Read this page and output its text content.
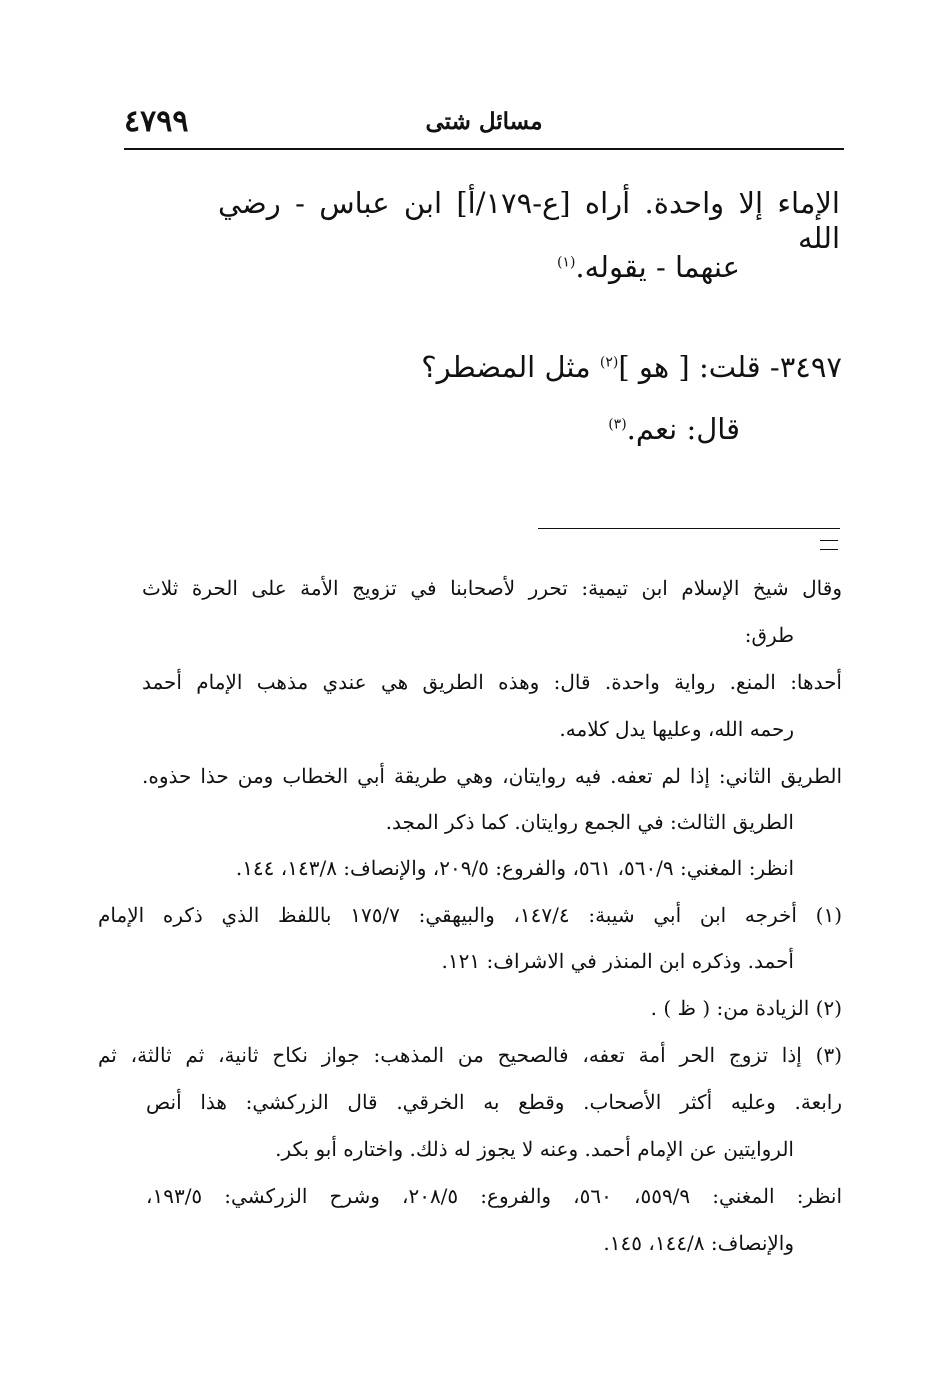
٤٧٩٩	مسائل شتى
الإماء إلا واحدة. أراه [ع-١٧٩/أ] ابن عباس - رضي الله
عنهما - يقوله.$^{(١)}$
٣٤٩٧- قلت: [ هو ]$^{(٢)}$ مثل المضطر؟
قال: نعم.$^{(٣)}$
وقال شيخ الإسلام ابن تيمية: تحرر لأصحابنا في تزويج الأمة على الحرة ثلاث
طرق:
أحدها: المنع. رواية واحدة. قال: وهذه الطريق هي عندي مذهب الإمام أحمد
رحمه الله، وعليها يدل كلامه.
الطريق الثاني: إذا لم تعفه. فيه روايتان، وهي طريقة أبي الخطاب ومن حذا حذوه.
الطريق الثالث: في الجمع روايتان. كما ذكر المجد.
انظر: المغني: ٥٦٠/٩، ٥٦١، والفروع: ٢٠٩/٥، والإنصاف: ١٤٣/٨، ١٤٤.
(١) أخرجه ابن أبي شيبة: ١٤٧/٤، والبيهقي: ١٧٥/٧ باللفظ الذي ذكره الإمام
أحمد. وذكره ابن المنذر في الاشراف: ١٢١.
(٢) الزيادة من: ( ظ ) .
(٣) إذا تزوج الحر أمة تعفه، فالصحيح من المذهب: جواز نكاح ثانية، ثم ثالثة، ثم
رابعة. وعليه أكثر الأصحاب. وقطع به الخرقي. قال الزركشي: هذا أنص
الروايتين عن الإمام أحمد. وعنه لا يجوز له ذلك. واختاره أبو بكر.
انظر: المغني: ٥٥٩/٩، ٥٦٠، والفروع: ٢٠٨/٥، وشرح الزركشي: ١٩٣/٥،
والإنصاف: ١٤٤/٨، ١٤٥.
